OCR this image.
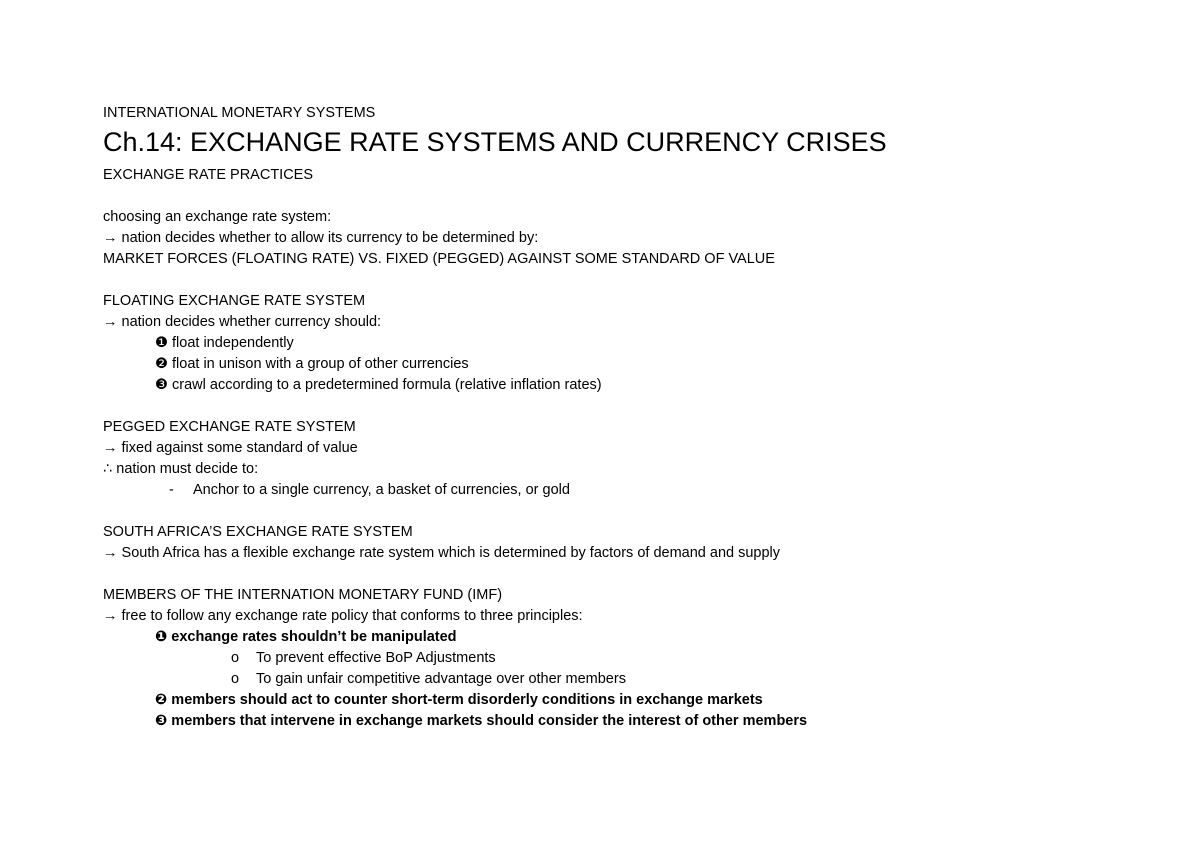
INTERNATIONAL MONETARY SYSTEMS
Ch.14: EXCHANGE RATE SYSTEMS AND CURRENCY CRISES
EXCHANGE RATE PRACTICES
choosing an exchange rate system:
→ nation decides whether to allow its currency to be determined by:
MARKET FORCES (FLOATING RATE) VS. FIXED (PEGGED) AGAINST SOME STANDARD OF VALUE
FLOATING EXCHANGE RATE SYSTEM
→ nation decides whether currency should:
❶ float independently
❷ float in unison with a group of other currencies
❸ crawl according to a predetermined formula (relative inflation rates)
PEGGED EXCHANGE RATE SYSTEM
→ fixed against some standard of value
∴ nation must decide to:
- Anchor to a single currency, a basket of currencies, or gold
SOUTH AFRICA’S EXCHANGE RATE SYSTEM
→ South Africa has a flexible exchange rate system which is determined by factors of demand and supply
MEMBERS OF THE INTERNATION MONETARY FUND (IMF)
→ free to follow any exchange rate policy that conforms to three principles:
❶ exchange rates shouldn’t be manipulated
o To prevent effective BoP Adjustments
o To gain unfair competitive advantage over other members
❷ members should act to counter short-term disorderly conditions in exchange markets
❸ members that intervene in exchange markets should consider the interest of other members
